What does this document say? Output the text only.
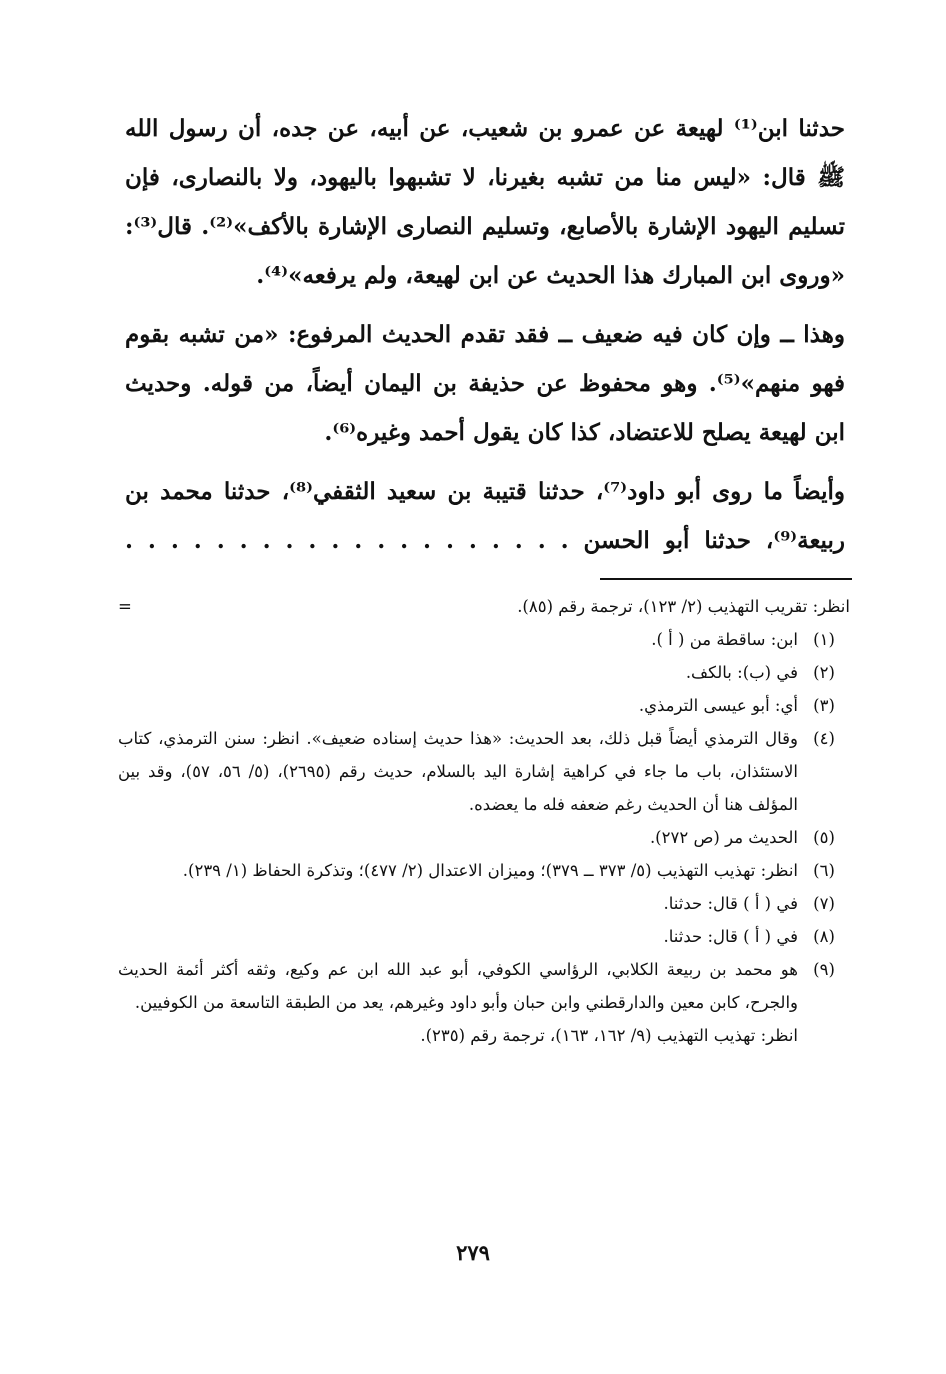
حدثنا ابن⁽¹⁾ لهيعة عن عمرو بن شعيب، عن أبيه، عن جده، أن رسول الله ﷺ قال: «ليس منا من تشبه بغيرنا، لا تشبهوا باليهود، ولا بالنصارى، فإن تسليم اليهود الإشارة بالأصابع، وتسليم النصارى الإشارة بالأكف»⁽²⁾. قال⁽³⁾: «وروى ابن المبارك هذا الحديث عن ابن لهيعة، ولم يرفعه»⁽⁴⁾.

وهذا ــ وإن كان فيه ضعيف ــ فقد تقدم الحديث المرفوع: «من تشبه بقوم فهو منهم»⁽⁵⁾. وهو محفوظ عن حذيفة بن اليمان أيضاً، من قوله. وحديث ابن لهيعة يصلح للاعتضاد، كذا كان يقول أحمد وغيره⁽⁶⁾.

وأيضاً ما روى أبو داود⁽⁷⁾، حدثنا قتيبة بن سعيد الثقفي⁽⁸⁾، حدثنا محمد بن ربيعة⁽⁹⁾، حدثنا أبو الحسن . . . . . . . . . . . . . . . . . . . .

انظر: تقريب التهذيب (٢/ ١٢٣)، ترجمة رقم (٨٥).
=
(١)
ابن: ساقطة من ( أ ).
(٢)
في (ب): بالكف.
(٣)
أي: أبو عيسى الترمذي.
(٤)
وقال الترمذي أيضاً قبل ذلك، بعد الحديث: «هذا حديث إسناده ضعيف». انظر: سنن الترمذي، كتاب الاستئذان، باب ما جاء في كراهية إشارة اليد بالسلام، حديث رقم (٢٦٩٥)، (٥/ ٥٦، ٥٧)، وقد بين المؤلف هنا أن الحديث رغم ضعفه فله ما يعضده.
(٥)
الحديث مر (ص ٢٧٢).
(٦)
انظر: تهذيب التهذيب (٥/ ٣٧٣ ــ ٣٧٩)؛ وميزان الاعتدال (٢/ ٤٧٧)؛ وتذكرة الحفاظ (١/ ٢٣٩).
(٧)
في ( أ ) قال: حدثنا.
(٨)
في ( أ ) قال: حدثنا.
(٩)
هو محمد بن ربيعة الكلابي، الرؤاسي الكوفي، أبو عبد الله ابن عم وكيع، وثقه أكثر أئمة الحديث والجرح، كابن معين والدارقطني وابن حبان وأبو داود وغيرهم، يعد من الطبقة التاسعة من الكوفيين.
انظر: تهذيب التهذيب (٩/ ١٦٢، ١٦٣)، ترجمة رقم (٢٣٥).
٢٧٩
